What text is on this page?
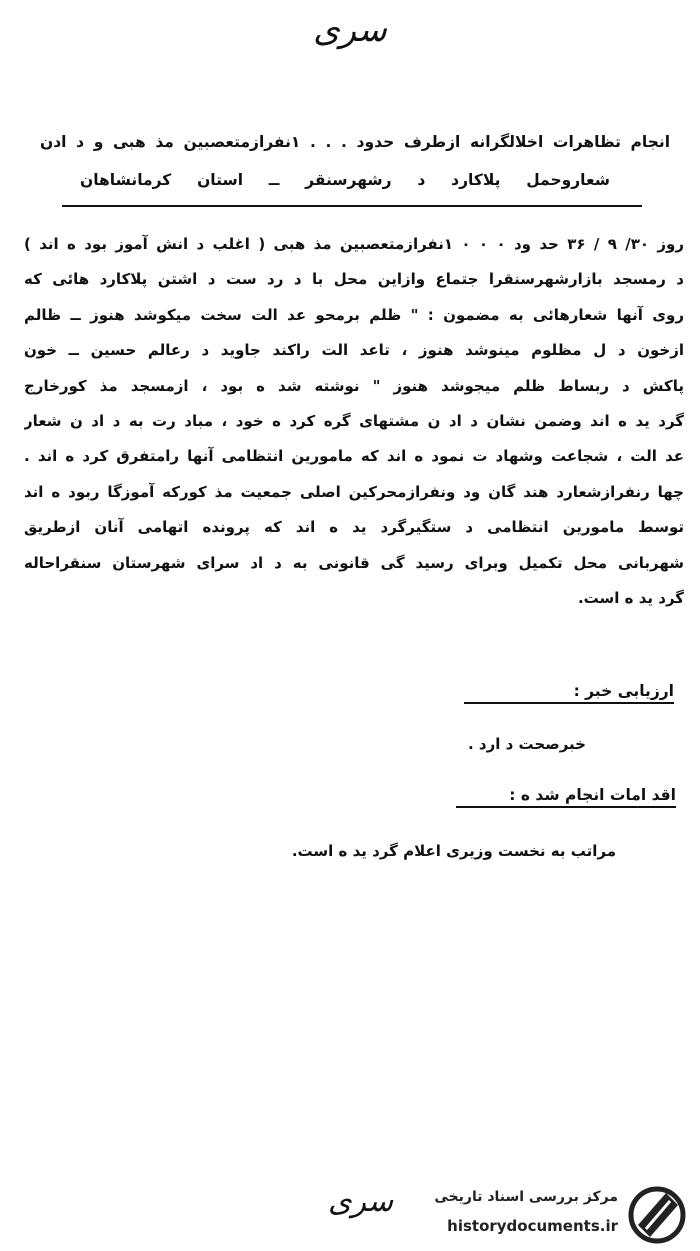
سری
انجام تظاهرات اخلالگرانه ازطرف حدود . . . ۱نفرازمتعصبین مذ هبی و د ادن
شعاروحمل پلاکارد د رشهرسنقر ــ استان کرمانشاهان
روز ۳۰/ ۹ / ۳۶ حد ود ۰ ۰ ۰ ۱نفرازمتعصبین مذ هبی ( اغلب د انش آموز بود ه اند )
د رمسجد بازارشهرسنقرا جتماع وازاین محل با د رد ست د اشتن پلاکارد هائی که
روی آنها شعارهائی به مضمون : " ظلم برمحو عد الت سخت میکوشد هنوز ــ ظالم
ازخون د ل مظلوم مینوشد هنوز ، تاعد الت راکند جاوید د رعالم حسین ــ خون
پاکش د ربساط ظلم میجوشد هنوز " نوشته شد ه بود ، ازمسجد مذ کورخارج
گرد ید ه اند وضمن نشان د اد ن مشتهای گره کرد ه خود ، مباد رت به د اد ن شعار
عد الت ، شجاعت وشهاد ت نمود ه اند که مامورین انتظامی آنها رامتفرق کرد ه اند .
چها رنفرازشعارد هند گان ود ونفرازمحرکین اصلی جمعیت مذ کورکه آموزگا ربود ه اند
توسط مامورین انتظامی د ستگیرگرد ید ه اند که پرونده اتهامی آنان ازطریق
شهربانی محل تکمیل وبرای رسید گی قانونی به د اد سرای شهرستان سنقراحاله
گرد ید ه است.
ارزیابی خبر :
خبرصحت د ارد .
اقد امات انجام شد ه :
مراتب به نخست وزیری اعلام گرد ید ه است.
سری	مرکز بررسی اسناد تاریخی
historydocuments.ir
